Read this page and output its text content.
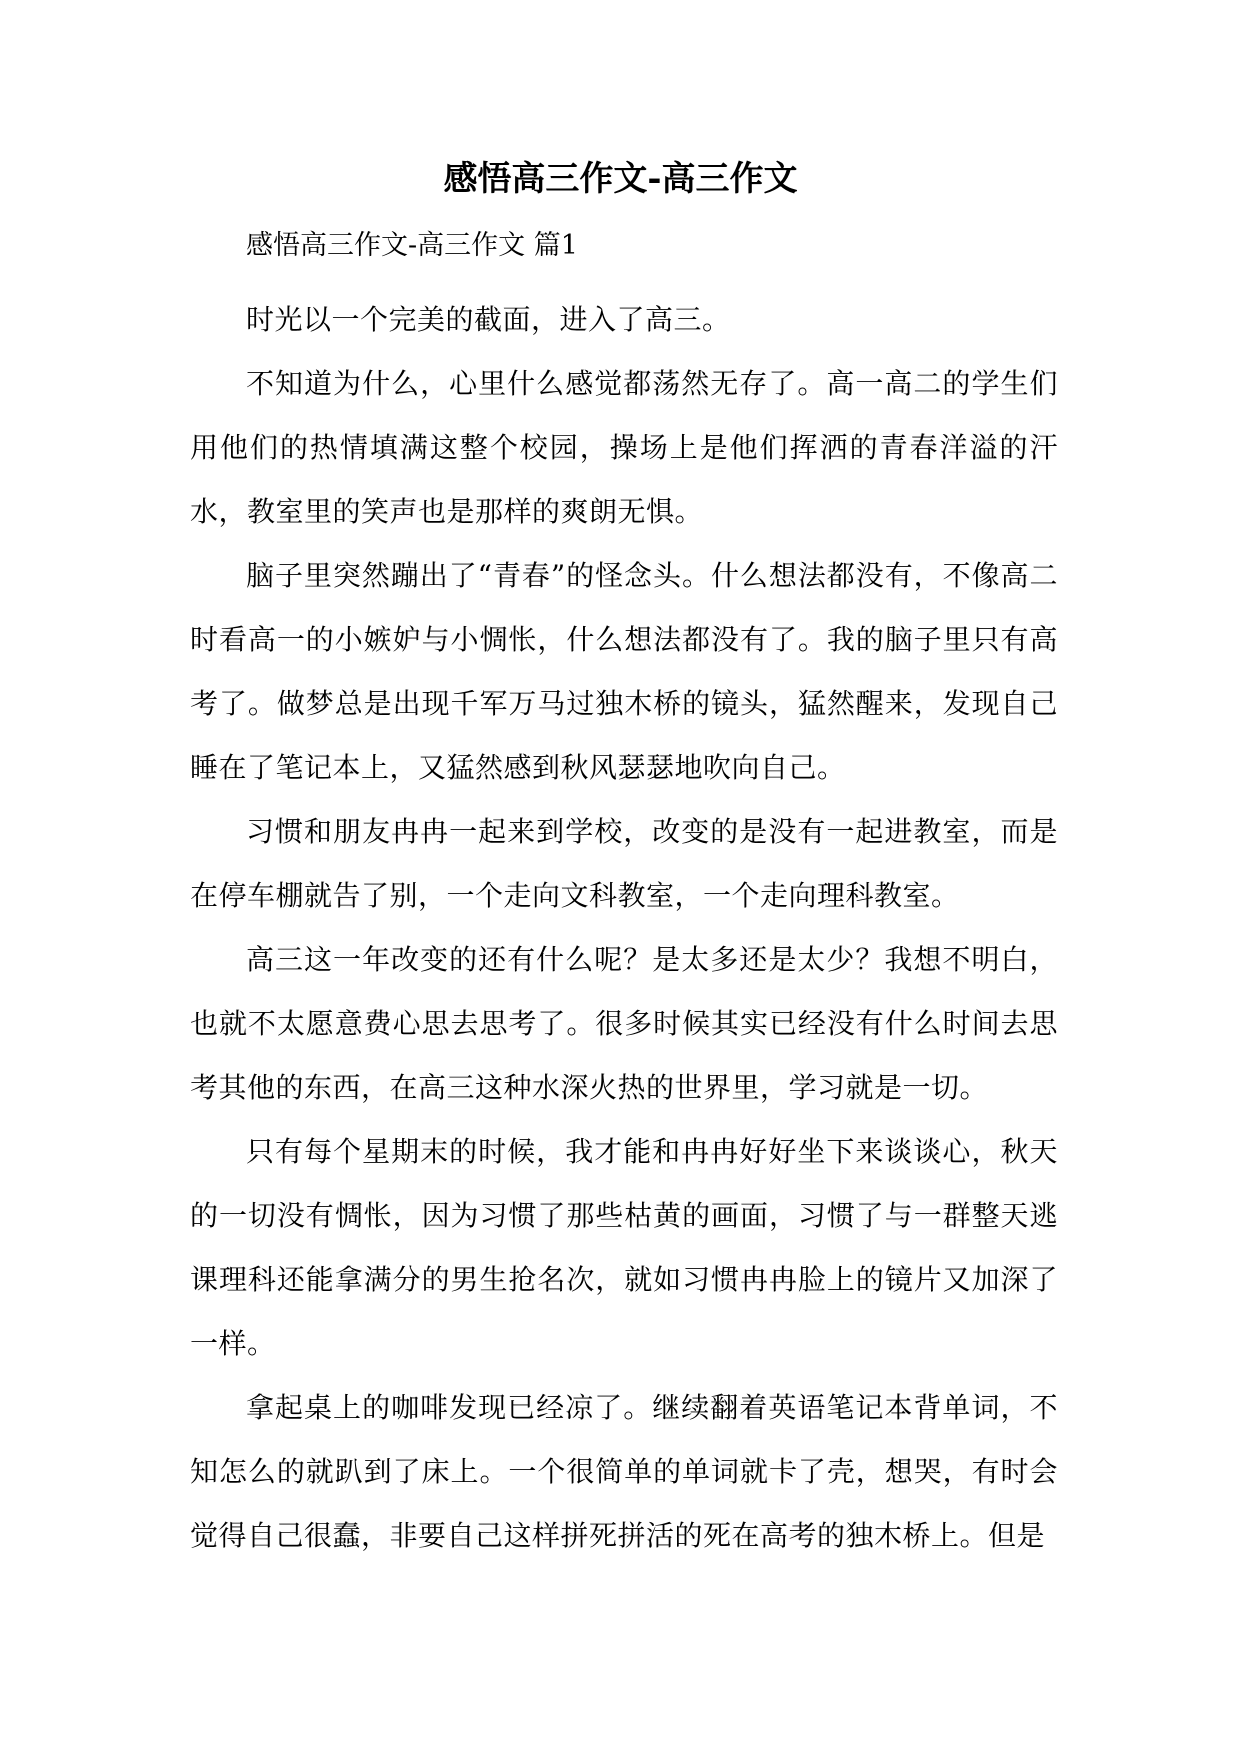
感悟高三作文-高三作文

感悟高三作文-高三作文 篇1

时光以一个完美的截面，进入了高三。

不知道为什么，心里什么感觉都荡然无存了。高一高二的学生们用他们的热情填满这整个校园，操场上是他们挥洒的青春洋溢的汗水，教室里的笑声也是那样的爽朗无惧。

脑子里突然蹦出了“青春”的怪念头。什么想法都没有，不像高二时看高一的小嫉妒与小惆怅，什么想法都没有了。我的脑子里只有高考了。做梦总是出现千军万马过独木桥的镜头，猛然醒来，发现自己睡在了笔记本上，又猛然感到秋风瑟瑟地吹向自己。

习惯和朋友冉冉一起来到学校，改变的是没有一起进教室，而是在停车棚就告了别，一个走向文科教室，一个走向理科教室。

高三这一年改变的还有什么呢？是太多还是太少？我想不明白，也就不太愿意费心思去思考了。很多时候其实已经没有什么时间去思考其他的东西，在高三这种水深火热的世界里，学习就是一切。

只有每个星期末的时候，我才能和冉冉好好坐下来谈谈心，秋天的一切没有惆怅，因为习惯了那些枯黄的画面，习惯了与一群整天逃课理科还能拿满分的男生抢名次，就如习惯冉冉脸上的镜片又加深了一样。

拿起桌上的咖啡发现已经凉了。继续翻着英语笔记本背单词，不知怎么的就趴到了床上。一个很简单的单词就卡了壳，想哭，有时会觉得自己很蠢，非要自己这样拼死拼活的死在高考的独木桥上。但是
